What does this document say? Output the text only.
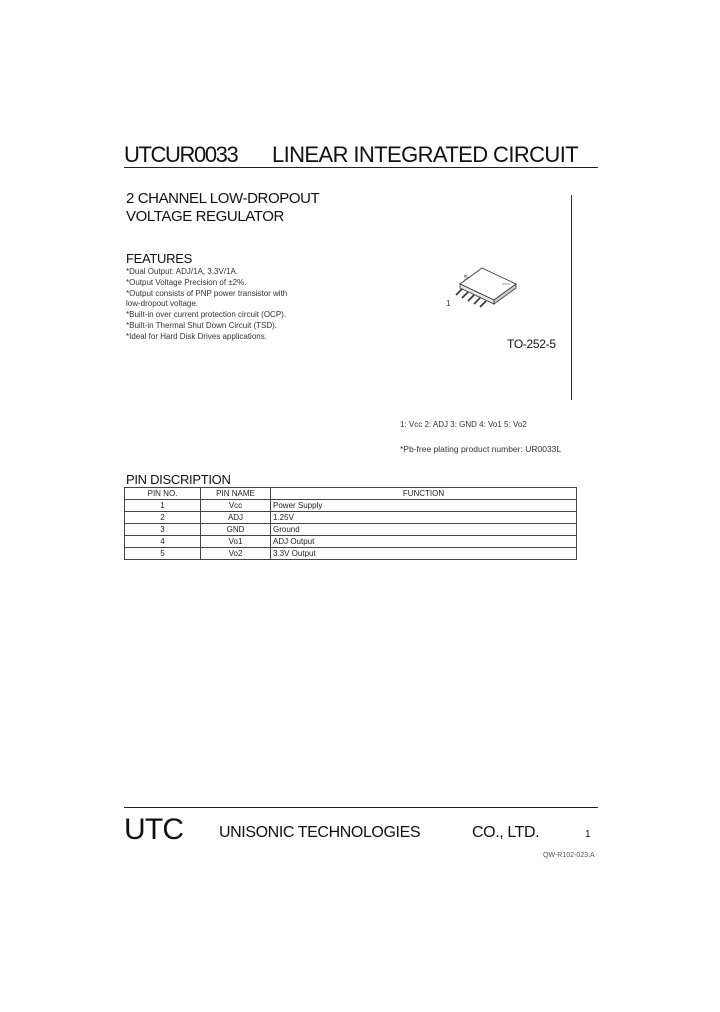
UTCUR0033 LINEAR INTEGRATED CIRCUIT
2 CHANNEL LOW-DROPOUT
VOLTAGE REGULATOR
FEATURES
*Dual Output: ADJ/1A, 3.3V/1A.
*Output Voltage Precision of ±2%.
*Output consists of PNP power transistor with
low-dropout voltage.
*Built-in over current protection circuit (OCP).
*Built-in Thermal Shut Down Circuit (TSD).
*Ideal for Hard Disk Drives applications.
5
1
TO-252-5
1: Vcc 2: ADJ 3: GND 4: Vo1 5: Vo2
*Pb-free plating product number: UR0033L
PIN DISCRIPTION
PIN NO.	PIN NAME	FUNCTION
1	Vcc	Power Supply
2	ADJ	1.25V
3	GND	Ground
4	Vo1	ADJ Output
5	Vo2	3.3V Output
UTC UNISONIC TECHNOLOGIES	CO., LTD.	1
QW-R102-023.A
